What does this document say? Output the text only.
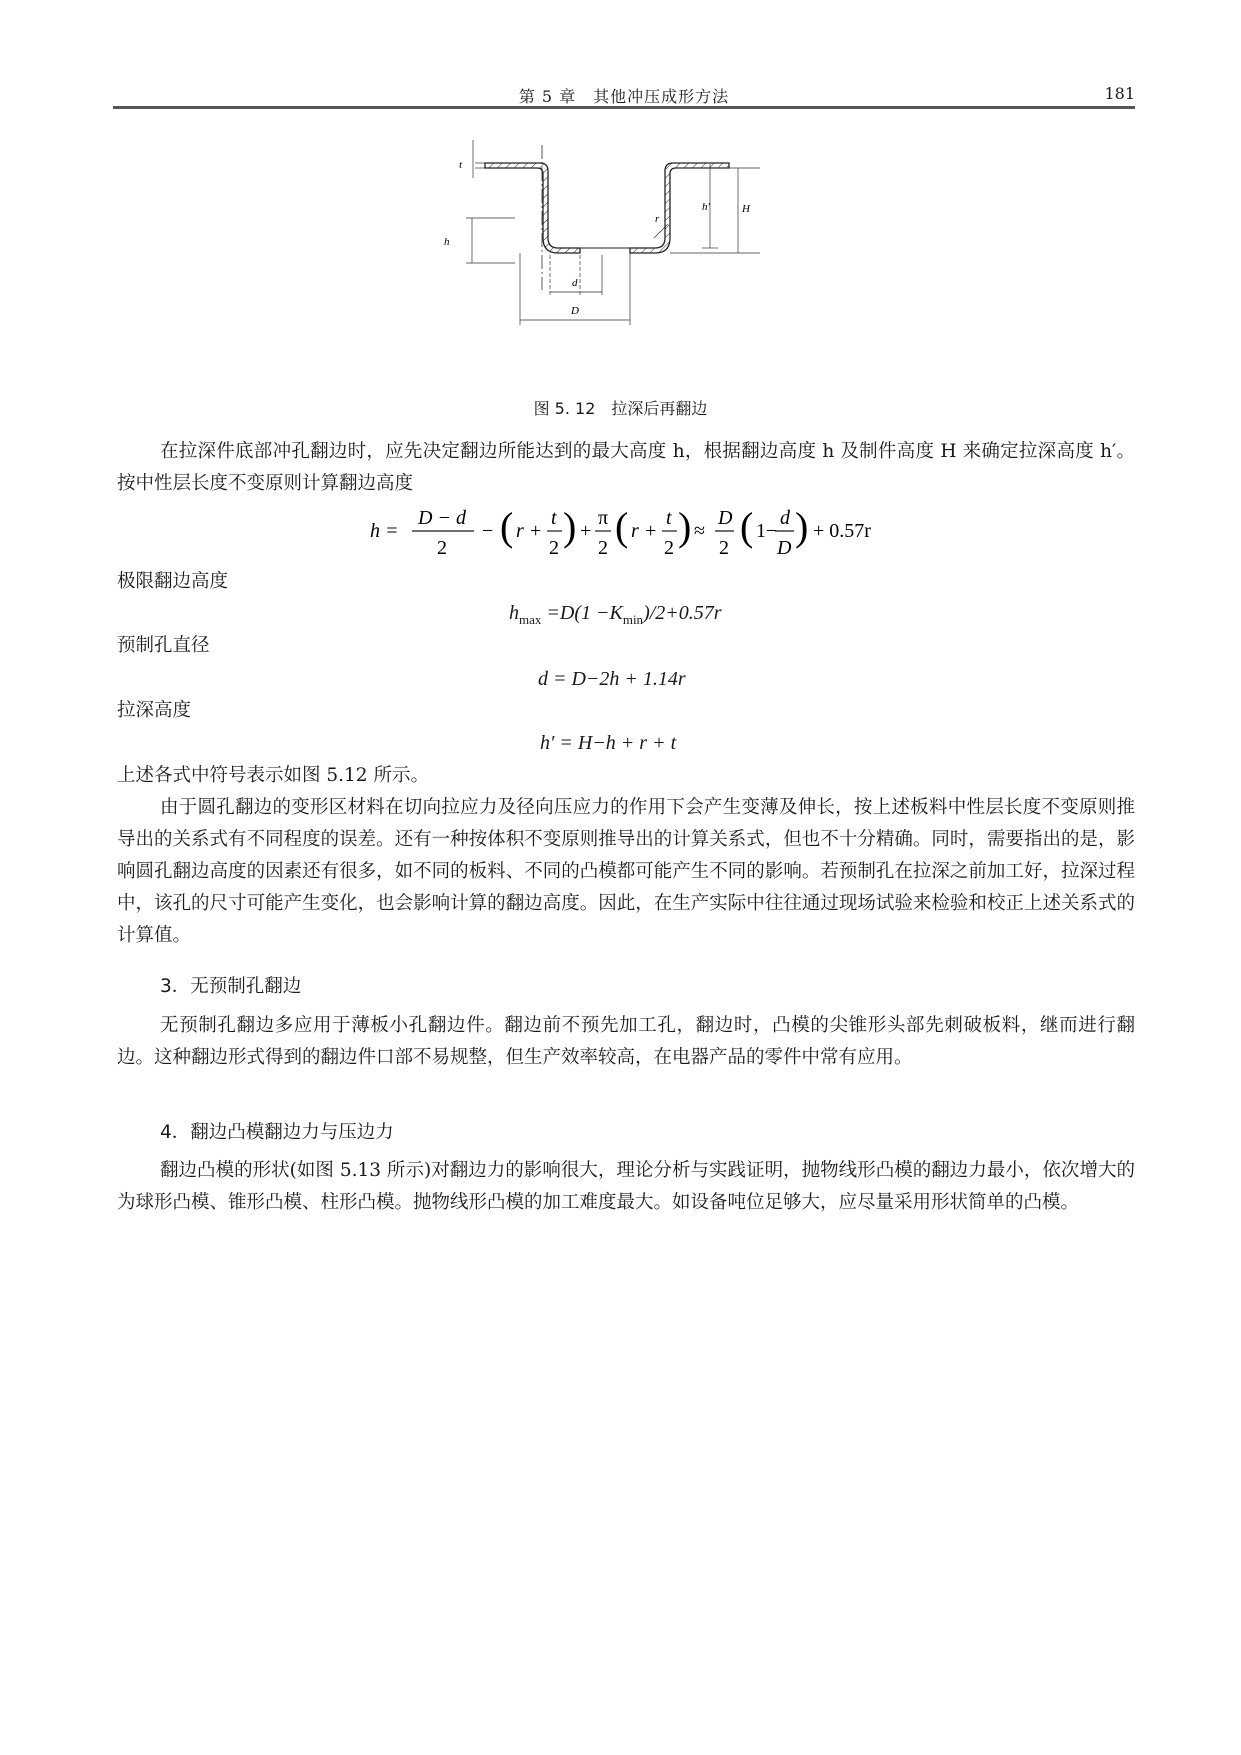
第 5 章　其他冲压成形方法	181
t
h′	H
r
h
d
D
图 5. 12　拉深后再翻边
在拉深件底部冲孔翻边时，应先决定翻边所能达到的最大高度 h，根据翻边高度 h 及制件高度 H 来确定拉深高度 h′。按中性层长度不变原则计算翻边高度
h =
D − d
2
− ( r +
t
2 ) +
π
2 ( r +
t
2 ) ≈
D
2 ( 1−
d
D ) + 0.57r
极限翻边高度
$h_{max} =D(1 -K_{min})/2+0.57r$
预制孔直径
d = D−2h + 1.14r
拉深高度
h′ = H−h + r + t
上述各式中符号表示如图 5.12 所示。
由于圆孔翻边的变形区材料在切向拉应力及径向压应力的作用下会产生变薄及伸长，按上述板料中性层长度不变原则推导出的关系式有不同程度的误差。还有一种按体积不变原则推导出的计算关系式，但也不十分精确。同时，需要指出的是，影响圆孔翻边高度的因素还有很多，如不同的板料、不同的凸模都可能产生不同的影响。若预制孔在拉深之前加工好，拉深过程中，该孔的尺寸可能产生变化，也会影响计算的翻边高度。因此，在生产实际中往往通过现场试验来检验和校正上述关系式的计算值。
3．无预制孔翻边
无预制孔翻边多应用于薄板小孔翻边件。翻边前不预先加工孔，翻边时，凸模的尖锥形头部先刺破板料，继而进行翻边。这种翻边形式得到的翻边件口部不易规整，但生产效率较高，在电器产品的零件中常有应用。
4．翻边凸模翻边力与压边力
翻边凸模的形状(如图 5.13 所示)对翻边力的影响很大，理论分析与实践证明，抛物线形凸模的翻边力最小，依次增大的为球形凸模、锥形凸模、柱形凸模。抛物线形凸模的加工难度最大。如设备吨位足够大，应尽量采用形状简单的凸模。
